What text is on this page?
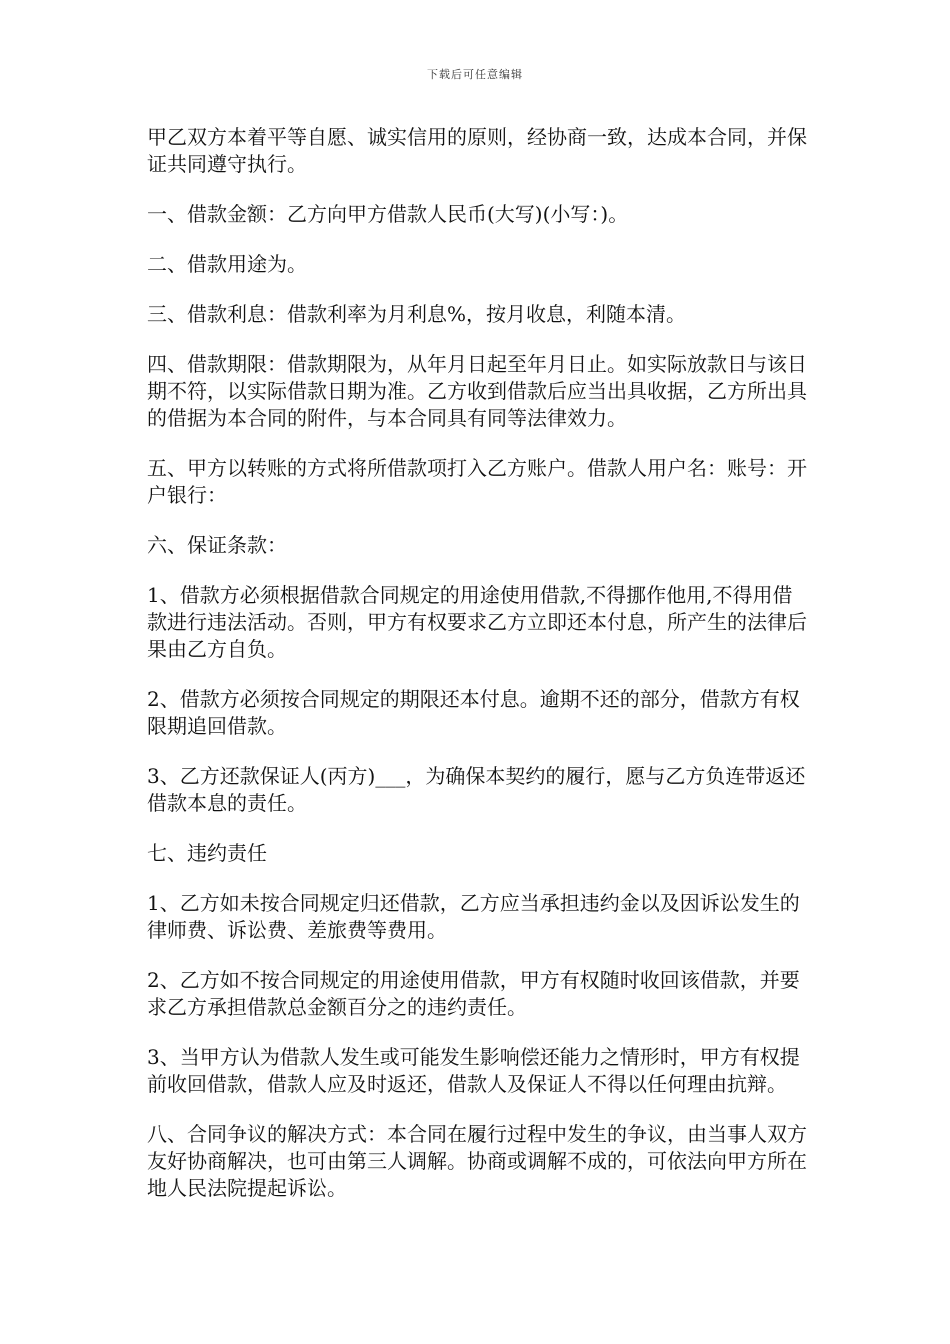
下载后可任意编辑

甲乙双方本着平等自愿、诚实信用的原则，经协商一致，达成本合同，并保证共同遵守执行。

一、借款金额：乙方向甲方借款人民币(大写)(小写：)。

二、借款用途为。

三、借款利息：借款利率为月利息%，按月收息，利随本清。

四、借款期限：借款期限为，从年月日起至年月日止。如实际放款日与该日期不符，以实际借款日期为准。乙方收到借款后应当出具收据，乙方所出具的借据为本合同的附件，与本合同具有同等法律效力。

五、甲方以转账的方式将所借款项打入乙方账户。借款人用户名：账号：开户银行：

六、保证条款：

1、借款方必须根据借款合同规定的用途使用借款,不得挪作他用,不得用借款进行违法活动。否则，甲方有权要求乙方立即还本付息，所产生的法律后果由乙方自负。

2、借款方必须按合同规定的期限还本付息。逾期不还的部分，借款方有权限期追回借款。

3、乙方还款保证人(丙方)___，为确保本契约的履行，愿与乙方负连带返还借款本息的责任。

七、违约责任

1、乙方如未按合同规定归还借款，乙方应当承担违约金以及因诉讼发生的律师费、诉讼费、差旅费等费用。

2、乙方如不按合同规定的用途使用借款，甲方有权随时收回该借款，并要求乙方承担借款总金额百分之的违约责任。

3、当甲方认为借款人发生或可能发生影响偿还能力之情形时，甲方有权提前收回借款，借款人应及时返还，借款人及保证人不得以任何理由抗辩。

八、合同争议的解决方式：本合同在履行过程中发生的争议，由当事人双方友好协商解决，也可由第三人调解。协商或调解不成的，可依法向甲方所在地人民法院提起诉讼。
